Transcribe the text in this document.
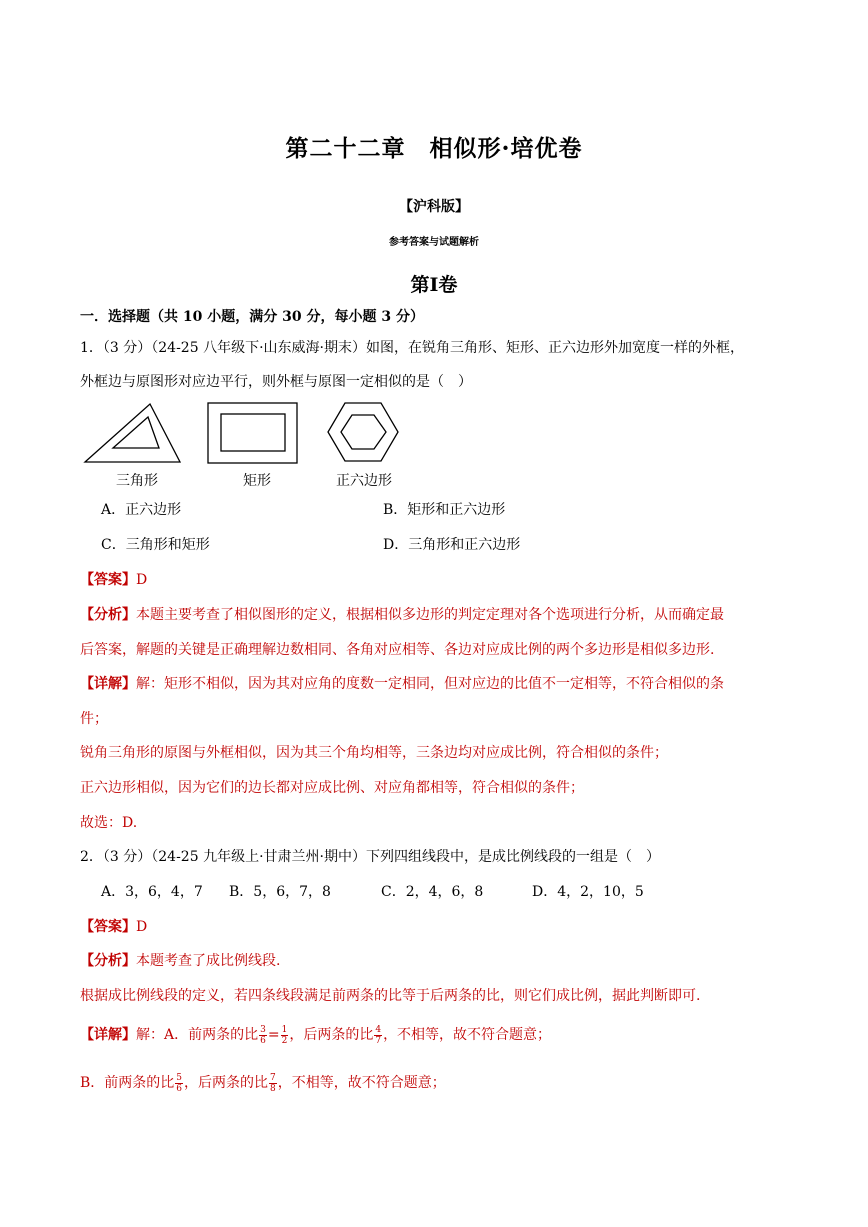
第二十二章　相似形·培优卷
【沪科版】
参考答案与试题解析
第Ⅰ卷
一．选择题（共 10 小题，满分 30 分，每小题 3 分）
1．（3 分）（24-25 八年级下·山东威海·期末）如图，在锐角三角形、矩形、正六边形外加宽度一样的外框，
外框边与原图形对应边平行，则外框与原图一定相似的是（　）
三角形	矩形	正六边形
A．正六边形	B．矩形和正六边形
C．三角形和矩形	D．三角形和正六边形
【答案】D
【分析】本题主要考查了相似图形的定义，根据相似多边形的判定定理对各个选项进行分析，从而确定最
后答案，解题的关键是正确理解边数相同、各角对应相等、各边对应成比例的两个多边形是相似多边形.
【详解】解：矩形不相似，因为其对应角的度数一定相同，但对应边的比值不一定相等，不符合相似的条
件；
锐角三角形的原图与外框相似，因为其三个角均相等，三条边均对应成比例，符合相似的条件；
正六边形相似，因为它们的边长都对应成比例、对应角都相等，符合相似的条件；
故选：D.
2．（3 分）（24-25 九年级上·甘肃兰州·期中）下列四组线段中，是成比例线段的一组是（　）
A．3，6，4，7 B．5，6，7，8	C．2，4，6，8	D．4，2，10，5
【答案】D
【分析】本题考查了成比例线段.
根据成比例线段的定义，若四条线段满足前两条的比等于后两条的比，则它们成比例，据此判断即可.
【详解】解：A．前两条的比 $\frac{3}{6} = \frac{1}{2}$ ，后两条的比 $\frac{4}{7}$ ，不相等，故不符合题意；
B．前两条的比 $\frac{5}{6}$ ，后两条的比 $\frac{7}{8}$ ，不相等，故不符合题意；
